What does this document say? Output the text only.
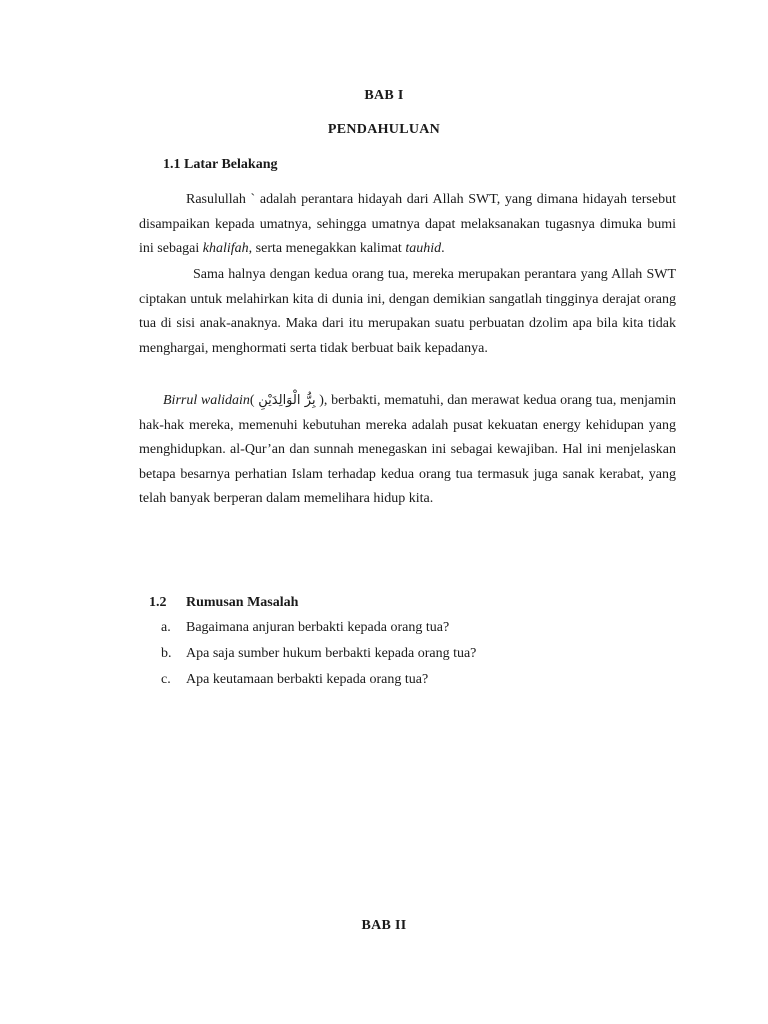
BAB I
PENDAHULUAN
1.1 Latar Belakang

Rasulullah ` adalah perantara hidayah dari Allah SWT, yang dimana hidayah tersebut disampaikan kepada umatnya, sehingga umatnya dapat melaksanakan tugasnya dimuka bumi ini sebagai khalifah, serta menegakkan kalimat tauhid.

Sama halnya dengan kedua orang tua, mereka merupakan perantara yang Allah SWT ciptakan untuk melahirkan kita di dunia ini, dengan demikian sangatlah tingginya derajat orang tua di sisi anak-anaknya. Maka dari itu merupakan suatu perbuatan dzolim apa bila kita tidak menghargai, menghormati serta tidak berbuat baik kepadanya.

Birrul walidain( بِرُّ الْوَالِدَيْنِ ), berbakti, mematuhi, dan merawat kedua orang tua, menjamin hak-hak mereka, memenuhi kebutuhan mereka adalah pusat kekuatan energy kehidupan yang menghidupkan. al-Qur’an dan sunnah menegaskan ini sebagai kewajiban. Hal ini menjelaskan betapa besarnya perhatian Islam terhadap kedua orang tua termasuk juga sanak kerabat, yang telah banyak berperan dalam memelihara hidup kita.

1.2 Rumusan Masalah
a. Bagaimana anjuran berbakti kepada orang tua?
b. Apa saja sumber hukum berbakti kepada orang tua?
c. Apa keutamaan berbakti kepada orang tua?
BAB II
